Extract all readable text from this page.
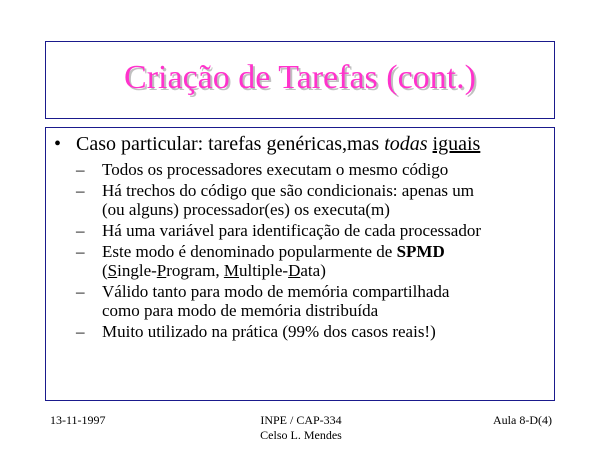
Criação de Tarefas (cont.)
• Caso particular: tarefas genéricas,mas todas iguais
– Todos os processadores executam o mesmo código
– Há trechos do código que são condicionais: apenas um
(ou alguns) processador(es) os executa(m)
– Há uma variável para identificação de cada processador
– Este modo é denominado popularmente de SPMD
(Single-Program, Multiple-Data)
– Válido tanto para modo de memória compartilhada
como para modo de memória distribuída
– Muito utilizado na prática (99% dos casos reais!)
13-11-1997	INPE / CAP-334
Celso L. Mendes
Aula 8-D(4)
